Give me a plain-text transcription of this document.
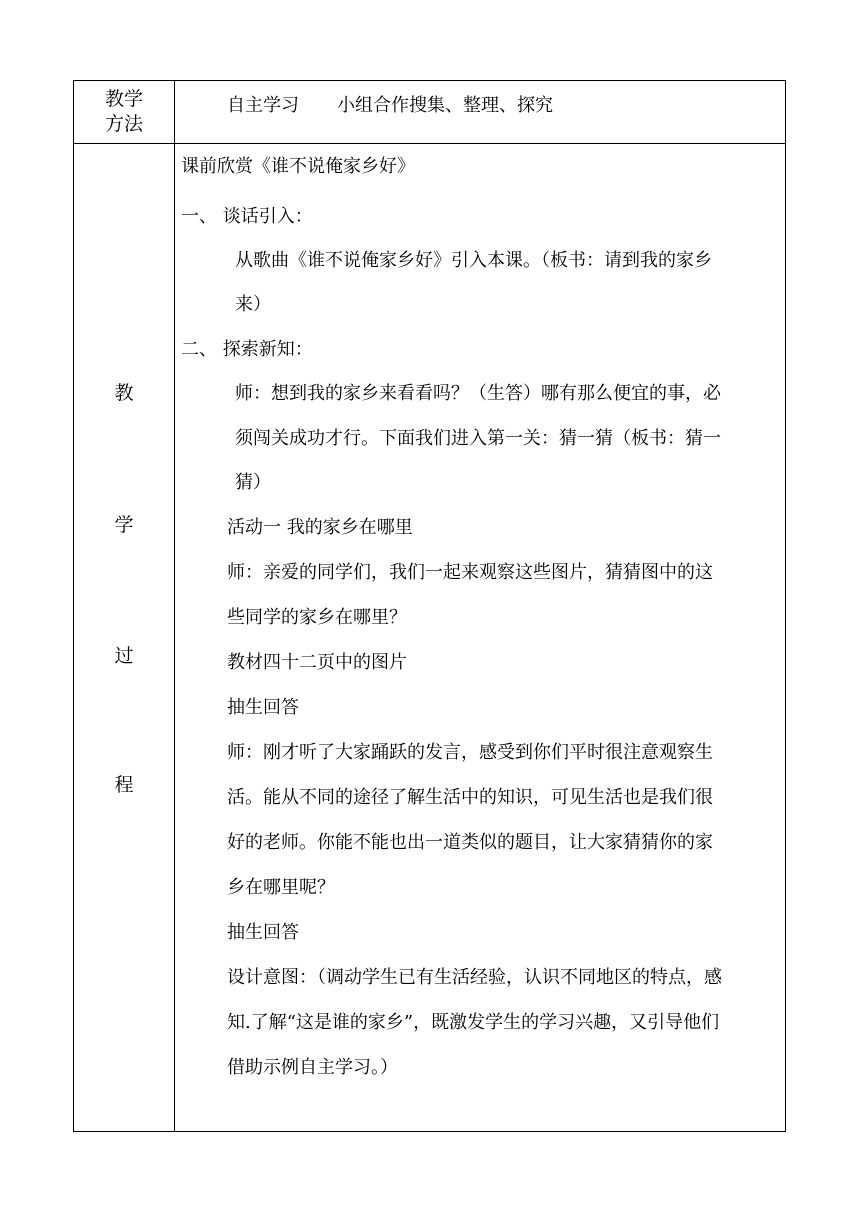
教学
方法
自主学习 小组合作搜集、整理、探究
教
学
过
程
课前欣赏《谁不说俺家乡好》
一、 谈话引入：
从歌曲《谁不说俺家乡好》引入本课。（板书：请到我的家乡
来）
二、 探索新知：
师：想到我的家乡来看看吗？（生答）哪有那么便宜的事，必
须闯关成功才行。下面我们进入第一关：猜一猜（板书：猜一
猜）
活动一 我的家乡在哪里
师：亲爱的同学们，我们一起来观察这些图片，猜猜图中的这
些同学的家乡在哪里？
教材四十二页中的图片
抽生回答
师：刚才听了大家踊跃的发言，感受到你们平时很注意观察生
活。能从不同的途径了解生活中的知识，可见生活也是我们很
好的老师。你能不能也出一道类似的题目，让大家猜猜你的家
乡在哪里呢？
抽生回答
设计意图：（调动学生已有生活经验，认识不同地区的特点，感
知.了解“这是谁的家乡”，既激发学生的学习兴趣，又引导他们
借助示例自主学习。）
